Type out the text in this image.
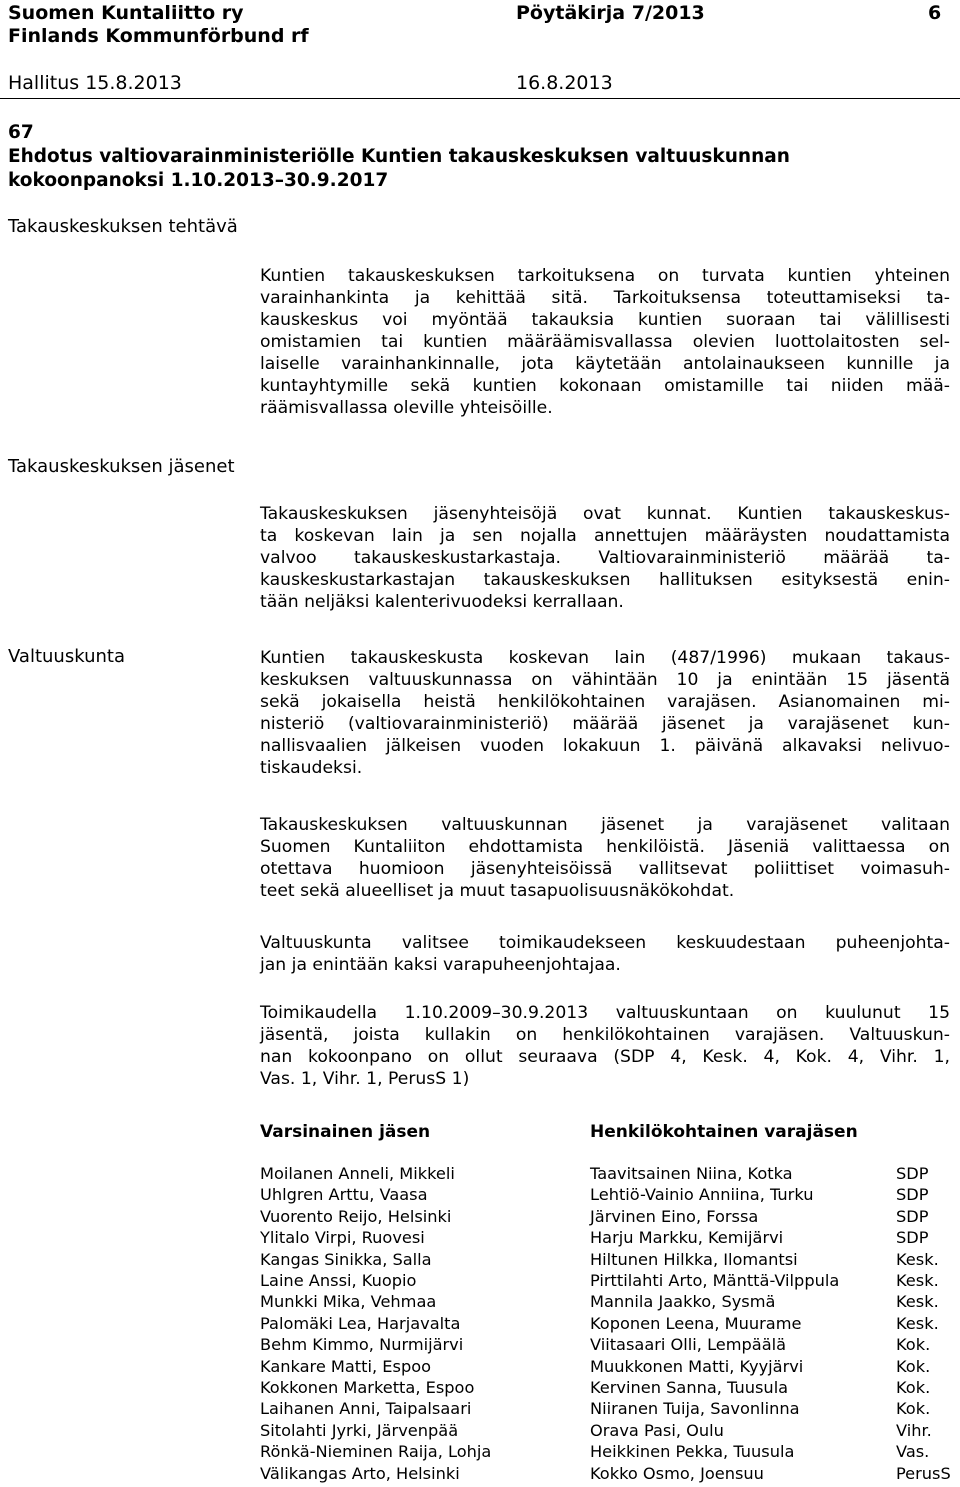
Suomen Kuntaliitto ry
Finlands Kommunförbund rf
Pöytäkirja 7/2013	6
Hallitus 15.8.2013	16.8.2013
67
Ehdotus valtiovarainministeriölle Kuntien takauskeskuksen valtuuskunnan
kokoonpanoksi 1.10.2013–30.9.2017
Takauskeskuksen tehtävä
Takauskeskuksen jäsenet
Valtuuskunta
Kuntien takauskeskuksen tarkoituksena on turvata kuntien yhteinen
varainhankinta ja kehittää sitä. Tarkoituksensa toteuttamiseksi ta-
kauskeskus voi myöntää takauksia kuntien suoraan tai välillisesti
omistamien tai kuntien määräämisvallassa olevien luottolaitosten sel-
laiselle varainhankinnalle, jota käytetään antolainaukseen kunnille ja
kuntayhtymille sekä kuntien kokonaan omistamille tai niiden mää-
räämisvallassa oleville yhteisöille.
Takauskeskuksen jäsenyhteisöjä ovat kunnat. Kuntien takauskeskus-
ta koskevan lain ja sen nojalla annettujen määräysten noudattamista
valvoo takauskeskustarkastaja. Valtiovarainministeriö määrää ta-
kauskeskustarkastajan takauskeskuksen hallituksen esityksestä enin-
tään neljäksi kalenterivuodeksi kerrallaan.
Kuntien takauskeskusta koskevan lain (487/1996) mukaan takaus-
keskuksen valtuuskunnassa on vähintään 10 ja enintään 15 jäsentä
sekä jokaisella heistä henkilökohtainen varajäsen. Asianomainen mi-
nisteriö (valtiovarainministeriö) määrää jäsenet ja varajäsenet kun-
nallisvaalien jälkeisen vuoden lokakuun 1. päivänä alkavaksi nelivuo-
tiskaudeksi.
Takauskeskuksen valtuuskunnan jäsenet ja varajäsenet valitaan
Suomen Kuntaliiton ehdottamista henkilöistä. Jäseniä valittaessa on
otettava huomioon jäsenyhteisöissä vallitsevat poliittiset voimasuh-
teet sekä alueelliset ja muut tasapuolisuusnäkökohdat.
Valtuuskunta valitsee toimikaudekseen keskuudestaan puheenjohta-
jan ja enintään kaksi varapuheenjohtajaa.
Toimikaudella 1.10.2009–30.9.2013 valtuuskuntaan on kuulunut 15
jäsentä, joista kullakin on henkilökohtainen varajäsen. Valtuuskun-
nan kokoonpano on ollut seuraava (SDP 4, Kesk. 4, Kok. 4, Vihr. 1,
Vas. 1, Vihr. 1, PerusS 1)
Varsinainen jäsen	Henkilökohtainen varajäsen
Moilanen Anneli, Mikkeli	Taavitsainen Niina, Kotka	SDP
Uhlgren Arttu, Vaasa	Lehtiö-Vainio Anniina, Turku	SDP
Vuorento Reijo, Helsinki	Järvinen Eino, Forssa	SDP
Ylitalo Virpi, Ruovesi	Harju Markku, Kemijärvi	SDP
Kangas Sinikka, Salla	Hiltunen Hilkka, Ilomantsi	Kesk.
Laine Anssi, Kuopio	Pirttilahti Arto, Mänttä-Vilppula	Kesk.
Munkki Mika, Vehmaa	Mannila Jaakko, Sysmä	Kesk.
Palomäki Lea, Harjavalta	Koponen Leena, Muurame	Kesk.
Behm Kimmo, Nurmijärvi	Viitasaari Olli, Lempäälä	Kok.
Kankare Matti, Espoo	Muukkonen Matti, Kyyjärvi	Kok.
Kokkonen Marketta, Espoo	Kervinen Sanna, Tuusula	Kok.
Laihanen Anni, Taipalsaari	Niiranen Tuija, Savonlinna	Kok.
Sitolahti Jyrki, Järvenpää	Orava Pasi, Oulu	Vihr.
Rönkä-Nieminen Raija, Lohja	Heikkinen Pekka, Tuusula	Vas.
Välikangas Arto, Helsinki	Kokko Osmo, Joensuu	PerusS
